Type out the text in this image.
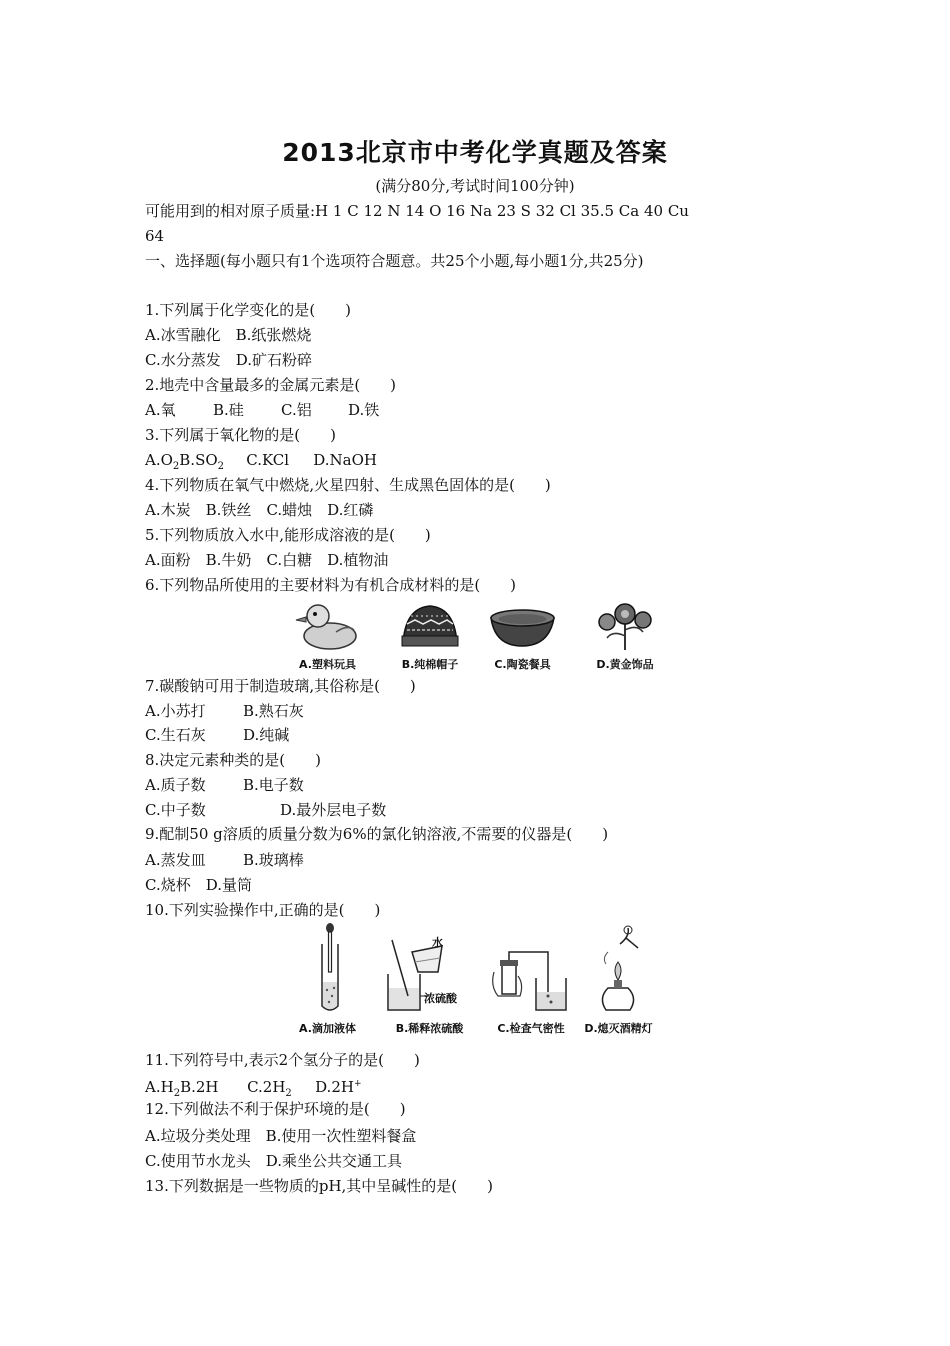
2013北京市中考化学真题及答案
(满分80分,考试时间100分钟)
可能用到的相对原子质量:H 1 C 12 N 14 O 16 Na 23 S 32 Cl 35.5 Ca 40 Cu
64
一、选择题(每小题只有1个选项符合题意。共25个小题,每小题1分,共25分)
1.下列属于化学变化的是(　　)
A.冰雪融化　 B.纸张燃烧
C.水分蒸发　 D.矿石粉碎
2.地壳中含量最多的金属元素是(　　)
A.氧 B.硅 C.铝 D.铁
3.下列属于氧化物的是(　　)
$A.O_2B.SO_2$ C.KCl D.NaOH
4.下列物质在氧气中燃烧,火星四射、生成黑色固体的是(　　)
A.木炭　 B.铁丝　 C.蜡烛　 D.红磷
5.下列物质放入水中,能形成溶液的是(　　)
A.面粉　 B.牛奶　 C.白糖　 D.植物油
6.下列物品所使用的主要材料为有机合成材料的是(　　)
A.塑料玩具	B.纯棉帽子	C.陶瓷餐具	D.黄金饰品
7.碳酸钠可用于制造玻璃,其俗称是(　　)
A.小苏打 B.熟石灰
C.生石灰 D.纯碱
8.决定元素种类的是(　　)
A.质子数 B.电子数
C.中子数	D.最外层电子数
9.配制50 g溶质的质量分数为6%的氯化钠溶液,不需要的仪器是(　　)
A.蒸发皿 B.玻璃棒
C.烧杯　 D.量筒
10.下列实验操作中,正确的是(　　)
A.滴加液体
水
浓硫酸
B.稀释浓硫酸	C.检查气密性	D.熄灭酒精灯
11.下列符号中,表示2个氢分子的是(　　)
$A.H_2B.2H$ $C.2H_2$ D.2H+
12.下列做法不利于保护环境的是(　　)
A.垃圾分类处理　 B.使用一次性塑料餐盒
C.使用节水龙头　 D.乘坐公共交通工具
13.下列数据是一些物质的pH,其中呈碱性的是(　　)
